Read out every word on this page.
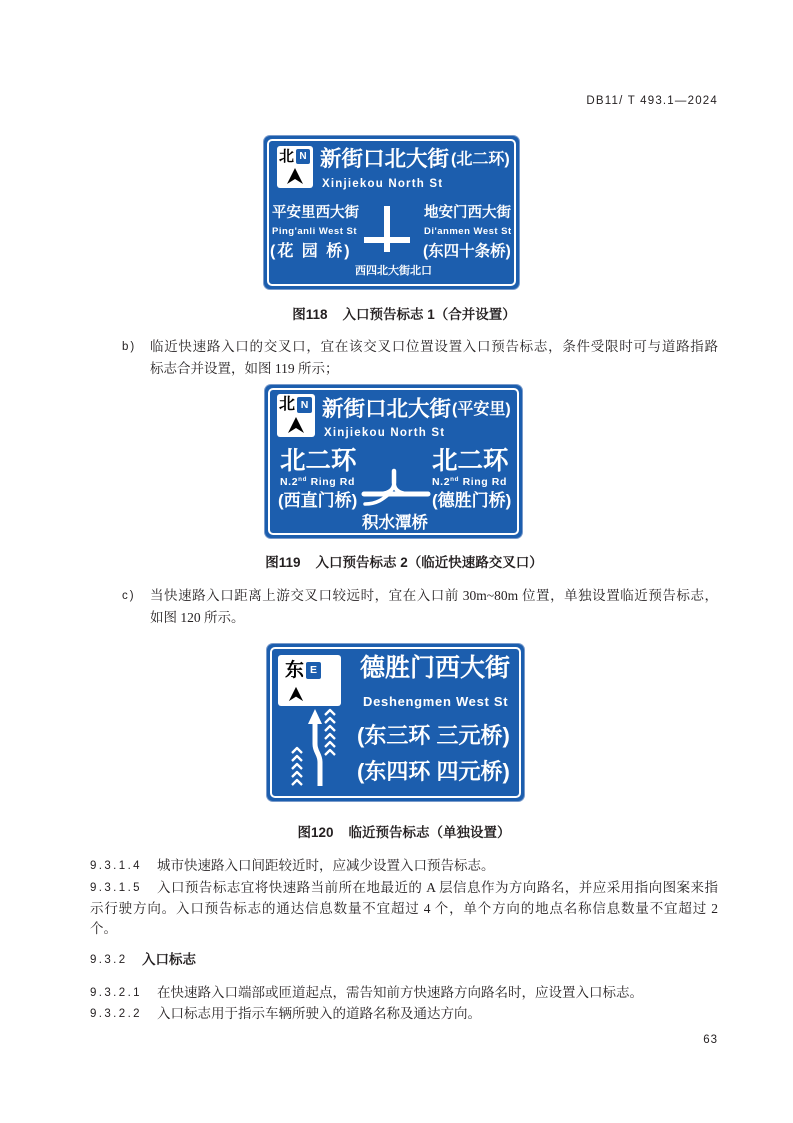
DB11/ T 493.1—2024
北 N 新街口北大街 (北二环)
Xinjiekou North St
平安里西大街
Ping'anli West St
(花 园 桥)
地安门西大街
Di'anmen West St
(东四十条桥)
西四北大街北口
图118 入口预告标志 1（合并设置）
b) 临近快速路入口的交叉口，宜在该交叉口位置设置入口预告标志，条件受限时可与道路指路
标志合并设置，如图 119 所示；
北 N 新街口北大街 (平安里)
Xinjiekou North St
北二环
N.2nd Ring Rd
(西直门桥)
北二环
N.2nd Ring Rd
(德胜门桥)
积水潭桥
图119 入口预告标志 2（临近快速路交叉口）
c) 当快速路入口距离上游交叉口较远时，宜在入口前 30m~80m 位置，单独设置临近预告标志，
如图 120 所示。
东 E 德胜门西大街
Deshengmen West St
(东三环 三元桥)
(东四环 四元桥)
图120 临近预告标志（单独设置）
9.3.1.4 城市快速路入口间距较近时，应减少设置入口预告标志。
9.3.1.5 入口预告标志宜将快速路当前所在地最近的 A 层信息作为方向路名，并应采用指向图案来指
示行驶方向。入口预告标志的通达信息数量不宜超过 4 个，单个方向的地点名称信息数量不宜超过 2
个。
9.3.2 入口标志
9.3.2.1 在快速路入口端部或匝道起点，需告知前方快速路方向路名时，应设置入口标志。
9.3.2.2 入口标志用于指示车辆所驶入的道路名称及通达方向。
63
